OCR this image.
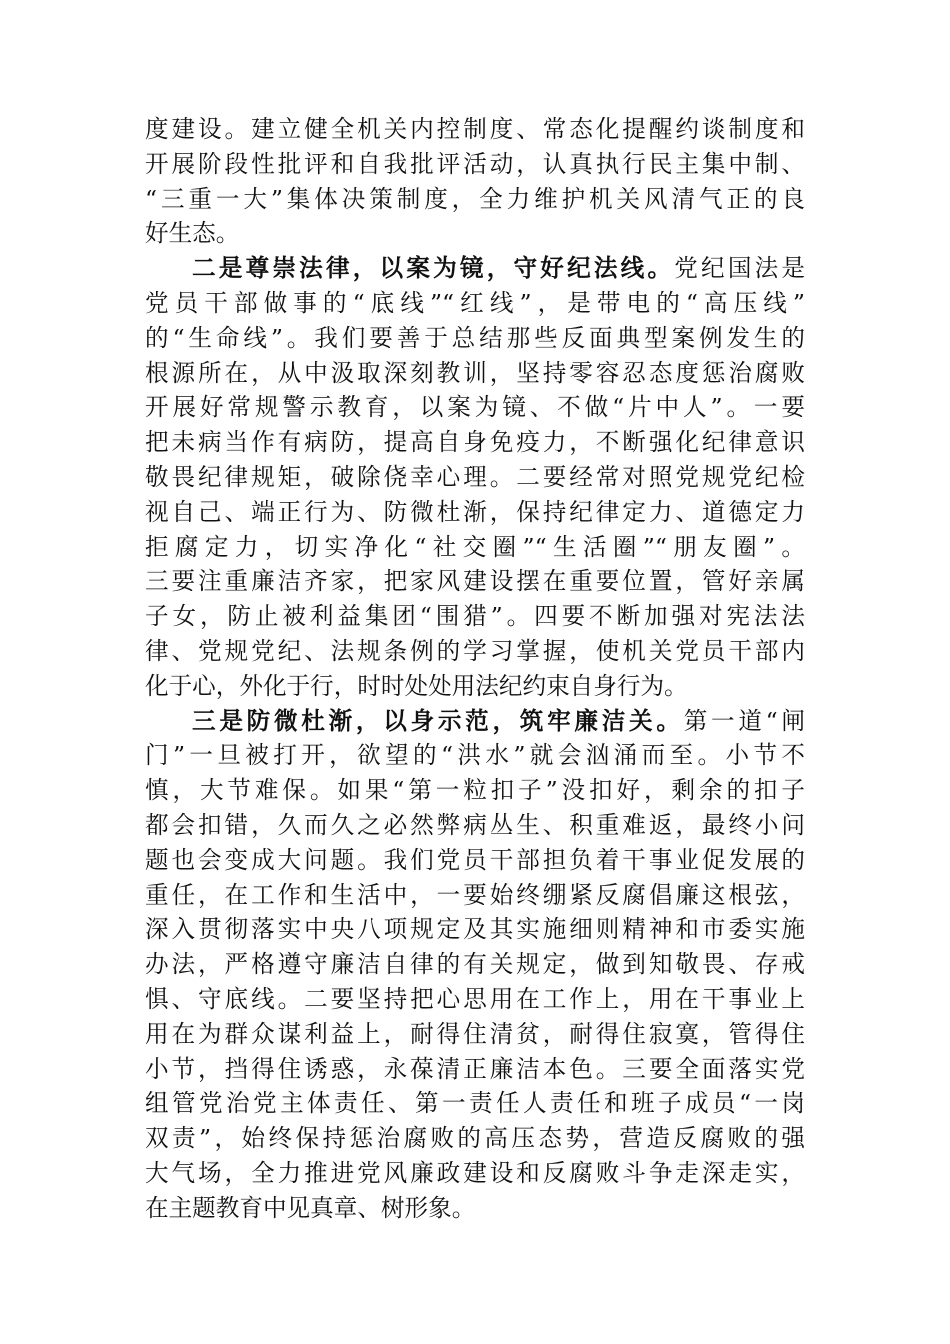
度建设。建立健全机关内控制度、常态化提醒约谈制度和
开展阶段性批评和自我批评活动，认真执行民主集中制、
“三重一大”集体决策制度，全力维护机关风清气正的良
好生态。
二是尊崇法律，以案为镜，守好纪法线。党纪国法是
党员干部做事的“底线”“红线”，是带电的“高压线”
的“生命线”。我们要善于总结那些反面典型案例发生的
根源所在，从中汲取深刻教训，坚持零容忍态度惩治腐败
开展好常规警示教育，以案为镜、不做“片中人”。一要
把未病当作有病防，提高自身免疫力，不断强化纪律意识
敬畏纪律规矩，破除侥幸心理。二要经常对照党规党纪检
视自己、端正行为、防微杜渐，保持纪律定力、道德定力
拒腐定力，切实净化“社交圈”“生活圈”“朋友圈”。
三要注重廉洁齐家，把家风建设摆在重要位置，管好亲属
子女，防止被利益集团“围猎”。四要不断加强对宪法法
律、党规党纪、法规条例的学习掌握，使机关党员干部内
化于心，外化于行，时时处处用法纪约束自身行为。
三是防微杜渐，以身示范，筑牢廉洁关。第一道“闸
门”一旦被打开，欲望的“洪水”就会汹涌而至。小节不
慎，大节难保。如果“第一粒扣子”没扣好，剩余的扣子
都会扣错，久而久之必然弊病丛生、积重难返，最终小问
题也会变成大问题。我们党员干部担负着干事业促发展的
重任，在工作和生活中，一要始终绷紧反腐倡廉这根弦，
深入贯彻落实中央八项规定及其实施细则精神和市委实施
办法，严格遵守廉洁自律的有关规定，做到知敬畏、存戒
惧、守底线。二要坚持把心思用在工作上，用在干事业上
用在为群众谋利益上，耐得住清贫，耐得住寂寞，管得住
小节，挡得住诱惑，永葆清正廉洁本色。三要全面落实党
组管党治党主体责任、第一责任人责任和班子成员“一岗
双责”，始终保持惩治腐败的高压态势，营造反腐败的强
大气场，全力推进党风廉政建设和反腐败斗争走深走实，
在主题教育中见真章、树形象。
